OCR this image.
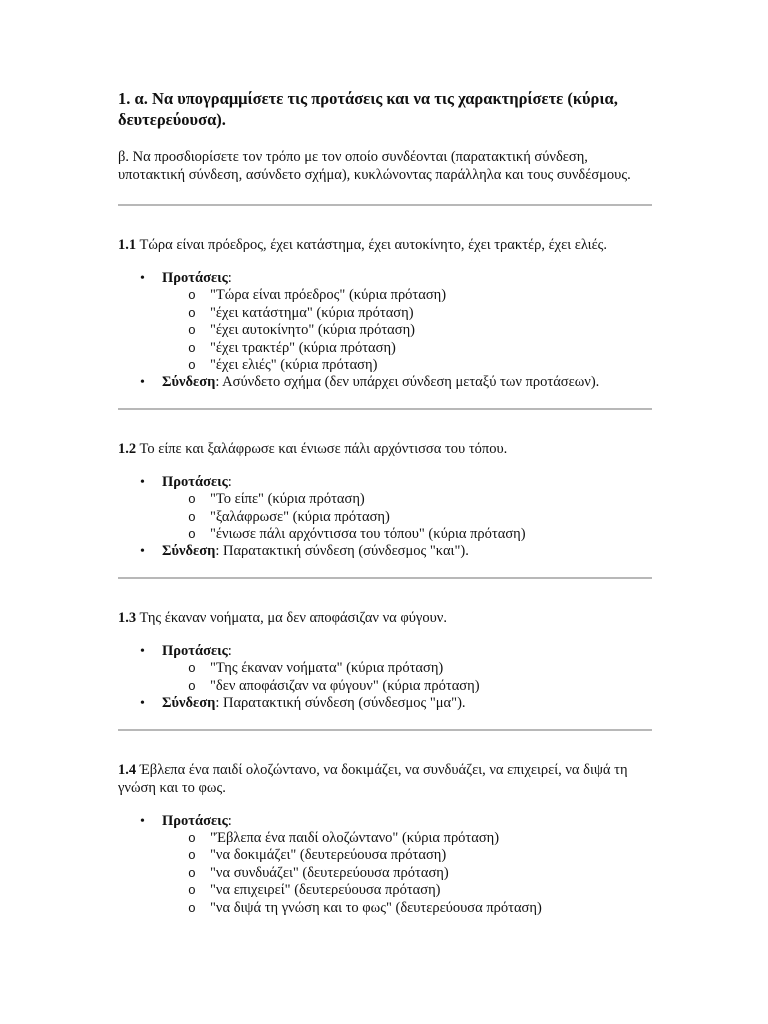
1. α. Να υπογραμμίσετε τις προτάσεις και να τις χαρακτηρίσετε (κύρια, δευτερεύουσα).
β. Να προσδιορίσετε τον τρόπο με τον οποίο συνδέονται (παρατακτική σύνδεση, υποτακτική σύνδεση, ασύνδετο σχήμα), κυκλώνοντας παράλληλα και τους συνδέσμους.
1.1 Τώρα είναι πρόεδρος, έχει κατάστημα, έχει αυτοκίνητο, έχει τρακτέρ, έχει ελιές.
• Προτάσεις:
o "Τώρα είναι πρόεδρος" (κύρια πρόταση)
o "έχει κατάστημα" (κύρια πρόταση)
o "έχει αυτοκίνητο" (κύρια πρόταση)
o "έχει τρακτέρ" (κύρια πρόταση)
o "έχει ελιές" (κύρια πρόταση)
• Σύνδεση: Ασύνδετο σχήμα (δεν υπάρχει σύνδεση μεταξύ των προτάσεων).
1.2 Το είπε και ξαλάφρωσε και ένιωσε πάλι αρχόντισσα του τόπου.
• Προτάσεις:
o "Το είπε" (κύρια πρόταση)
o "ξαλάφρωσε" (κύρια πρόταση)
o "ένιωσε πάλι αρχόντισσα του τόπου" (κύρια πρόταση)
• Σύνδεση: Παρατακτική σύνδεση (σύνδεσμος "και").
1.3 Της έκαναν νοήματα, μα δεν αποφάσιζαν να φύγουν.
• Προτάσεις:
o "Της έκαναν νοήματα" (κύρια πρόταση)
o "δεν αποφάσιζαν να φύγουν" (κύρια πρόταση)
• Σύνδεση: Παρατακτική σύνδεση (σύνδεσμος "μα").
1.4 Έβλεπα ένα παιδί ολοζώντανο, να δοκιμάζει, να συνδυάζει, να επιχειρεί, να διψά τη γνώση και το φως.
• Προτάσεις:
o "Έβλεπα ένα παιδί ολοζώντανο" (κύρια πρόταση)
o "να δοκιμάζει" (δευτερεύουσα πρόταση)
o "να συνδυάζει" (δευτερεύουσα πρόταση)
o "να επιχειρεί" (δευτερεύουσα πρόταση)
o "να διψά τη γνώση και το φως" (δευτερεύουσα πρόταση)
